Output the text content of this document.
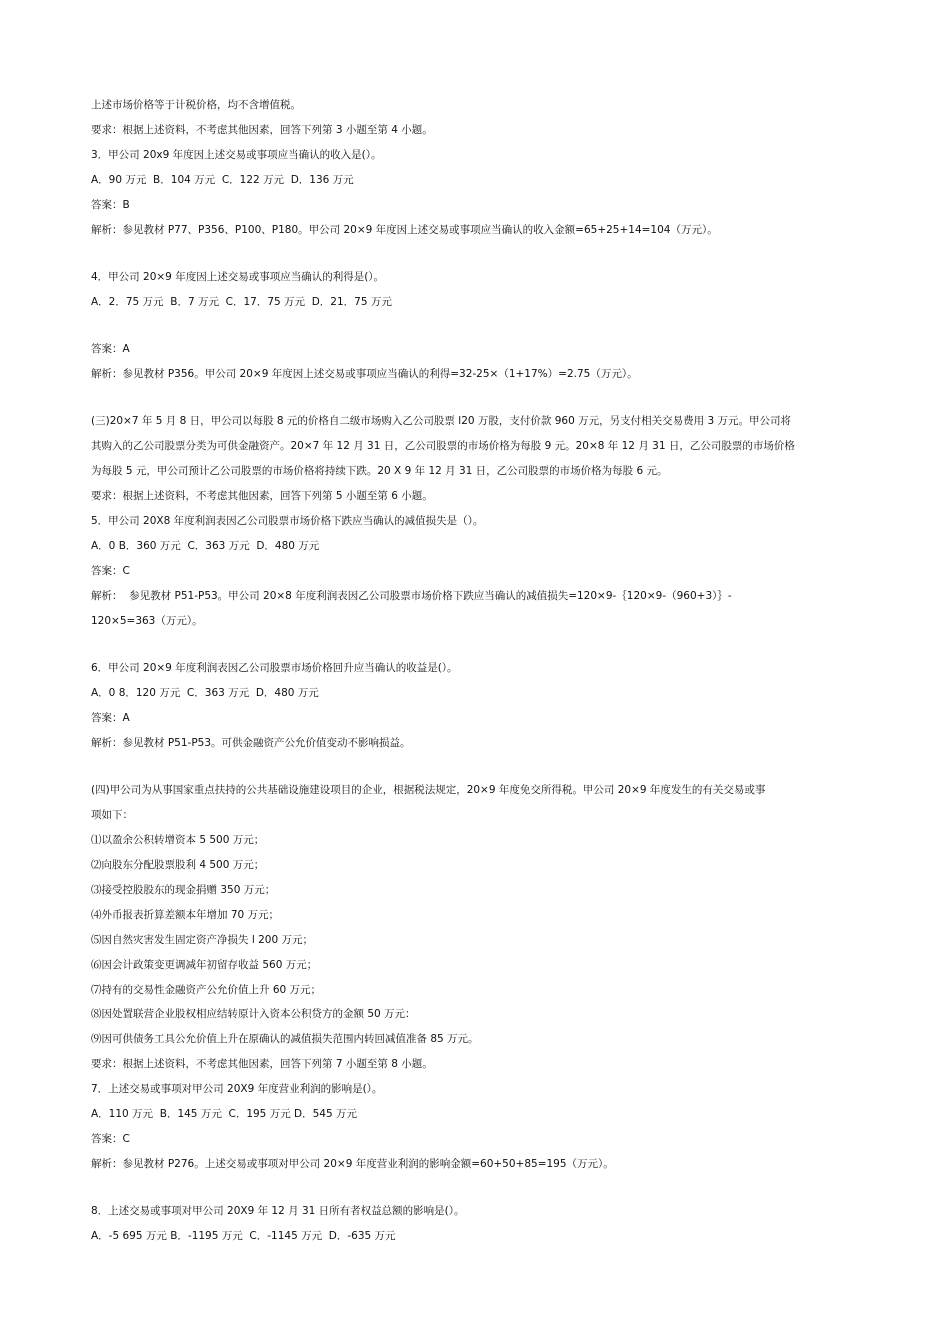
上述市场价格等于计税价格，均不含增值税。
要求：根据上述资料，不考虑其他因素，回答下列第 3 小题至第 4 小题。
3．甲公司 20x9 年度因上述交易或事项应当确认的收入是(）。
A．90 万元  B．104 万元  C．122 万元  D．136 万元
答案：B
解析：参见教材 P77、P356、P100、P180。甲公司 20×9 年度因上述交易或事项应当确认的收入金额=65+25+14=104（万元）。
4．甲公司 20×9 年度因上述交易或事项应当确认的利得是(）。
A．2．75 万元  B．7 万元  C．17．75 万元  D．21．75 万元
答案：A
解析：参见教材 P356。甲公司 20×9 年度因上述交易或事项应当确认的利得=32-25×（1+17%）=2.75（万元）。
(三)20×7 年 5 月 8 日，甲公司以每股 8 元的价格自二级市场购入乙公司股票 l20 万股，支付价款 960 万元，另支付相关交易费用 3 万元。甲公司将
其购入的乙公司股票分类为可供金融资产。20×7 年 12 月 31 日，乙公司股票的市场价格为每股 9 元。20×8 年 12 月 31 日，乙公司股票的市场价格
为每股 5 元，甲公司预计乙公司股票的市场价格将持续下跌。20 X 9 年 12 月 31 日，乙公司股票的市场价格为每股 6 元。
要求：根据上述资料，不考虑其他因素，回答下列第 5 小题至第 6 小题。
5．甲公司 20X8 年度利润表因乙公司股票市场价格下跌应当确认的减值损失是（）。
A．0 B．360 万元  C．363 万元  D．480 万元
答案：C
解析：  参见教材 P51-P53。甲公司 20×8 年度利润表因乙公司股票市场价格下跌应当确认的减值损失=120×9-｛120×9-（960+3）｝-
120×5=363（万元）。
6．甲公司 20×9 年度利润表因乙公司股票市场价格回升应当确认的收益是(）。
A．0 8．120 万元  C．363 万元  D．480 万元
答案：A
解析：参见教材 P51-P53。可供金融资产公允价值变动不影响损益。
(四)甲公司为从事国家重点扶持的公共基础设施建设项目的企业，根据税法规定，20×9 年度免交所得税。甲公司 20×9 年度发生的有关交易或事
项如下：
⑴以盈余公积转增资本 5 500 万元；
⑵向股东分配股票股利 4 500 万元；
⑶接受控股股东的现金捐赠 350 万元；
⑷外币报表折算差额本年增加 70 万元；
⑸因自然灾害发生固定资产净损失 l 200 万元；
⑹因会计政策变更调减年初留存收益 560 万元；
⑺持有的交易性金融资产公允价值上升 60 万元；
⑻因处置联营企业股权相应结转原计入资本公积贷方的金额 50 万元：
⑼因可供债务工具公允价值上升在原确认的减值损失范围内转回减值准备 85 万元。
要求：根据上述资料，不考虑其他因素，回答下列第 7 小题至第 8 小题。
7．上述交易或事项对甲公司 20X9 年度营业利润的影响是(）。
A．110 万元  B．145 万元  C．195 万元 D．545 万元
答案：C
解析：参见教材 P276。上述交易或事项对甲公司 20×9 年度营业利润的影响金额=60+50+85=195（万元）。
8．上述交易或事项对甲公司 20X9 年 12 月 31 日所有者权益总额的影响是(）。
A．-5 695 万元 B．-1195 万元  C．-1145 万元  D．-635 万元
